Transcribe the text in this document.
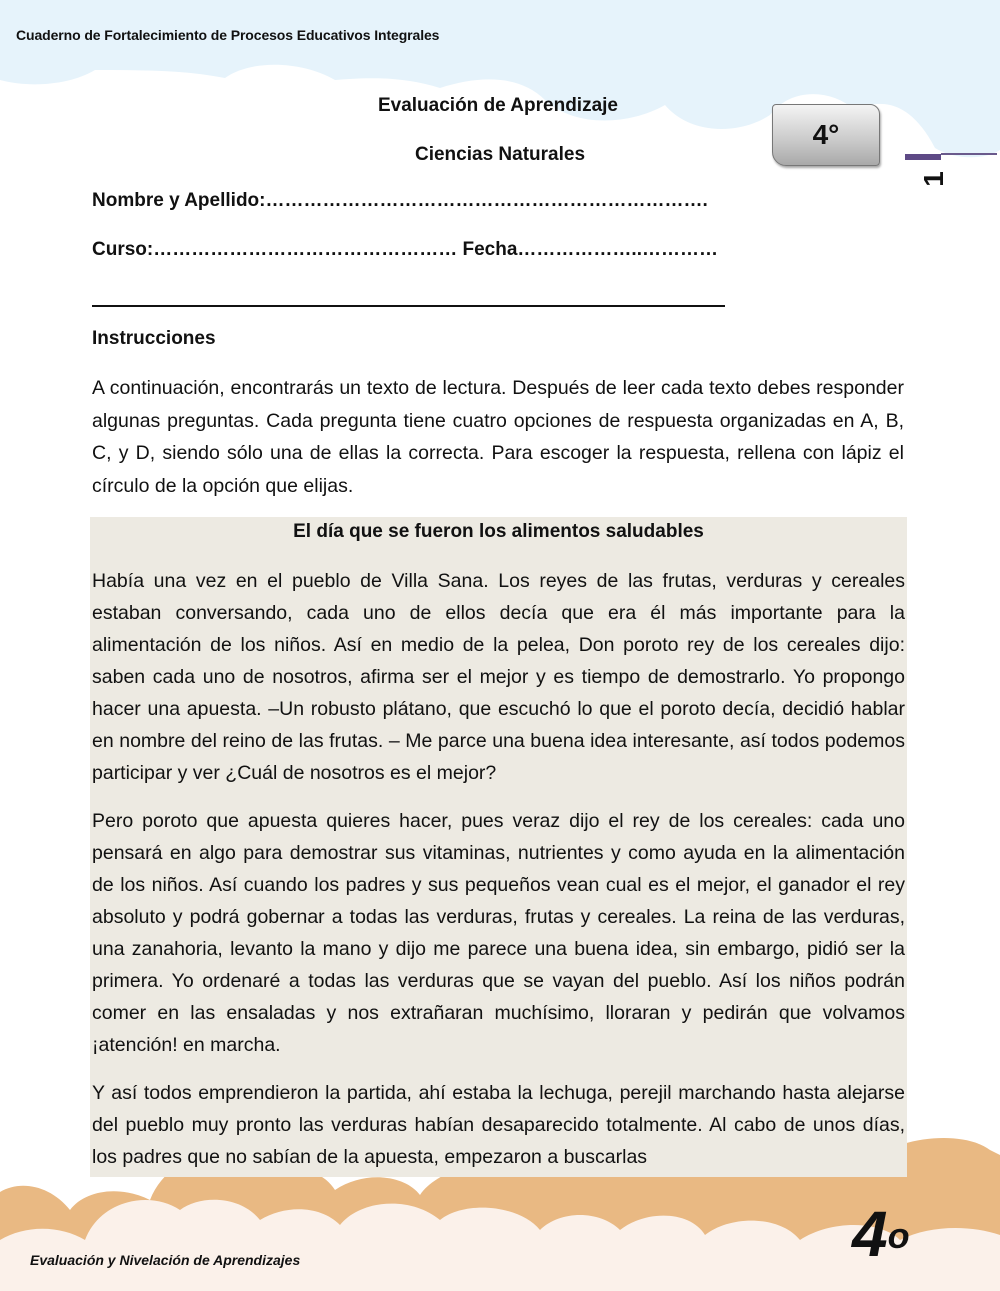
Cuaderno de Fortalecimiento de Procesos Educativos Integrales
Evaluación de Aprendizaje
Ciencias Naturales
4°
1
Nombre y Apellido:…………………………………………………………….
Curso:………………………………………… Fecha………………..…………
Instrucciones
A continuación, encontrarás un texto de lectura. Después de leer cada texto debes responder algunas preguntas. Cada pregunta tiene cuatro opciones de respuesta organizadas en A, B, C, y D, siendo sólo una de ellas la correcta. Para escoger la respuesta, rellena con lápiz el círculo de la opción que elijas.
El día que se fueron los alimentos saludables
Había una vez en el pueblo de Villa Sana. Los reyes de las frutas, verduras y cereales estaban conversando, cada uno de ellos decía que era él más importante para la alimentación de los niños. Así en medio de la pelea, Don poroto rey de los cereales dijo: saben cada uno de nosotros, afirma ser el mejor y es tiempo de demostrarlo. Yo propongo hacer una apuesta. –Un robusto plátano, que escuchó lo que el poroto decía, decidió hablar en nombre del reino de las frutas. – Me parce una buena idea interesante, así todos podemos participar y ver ¿Cuál de nosotros es el mejor?
Pero poroto que apuesta quieres hacer, pues veraz dijo el rey de los cereales: cada uno pensará en algo para demostrar sus vitaminas, nutrientes y como ayuda en la alimentación de los niños. Así cuando los padres y sus pequeños vean cual es el mejor, el ganador el rey absoluto y podrá gobernar a todas las verduras, frutas y cereales. La reina de las verduras, una zanahoria, levanto la mano y dijo me parece una buena idea, sin embargo, pidió ser la primera. Yo ordenaré a todas las verduras que se vayan del pueblo. Así los niños podrán comer en las ensaladas y nos extrañaran muchísimo, lloraran y pedirán que volvamos ¡atención! en marcha.
Y así todos emprendieron la partida, ahí estaba la lechuga, perejil marchando hasta alejarse del pueblo muy pronto las verduras habían desaparecido totalmente. Al cabo de unos días, los padres que no sabían de la apuesta, empezaron a buscarlas
Evaluación y Nivelación de Aprendizajes	4$^o$
